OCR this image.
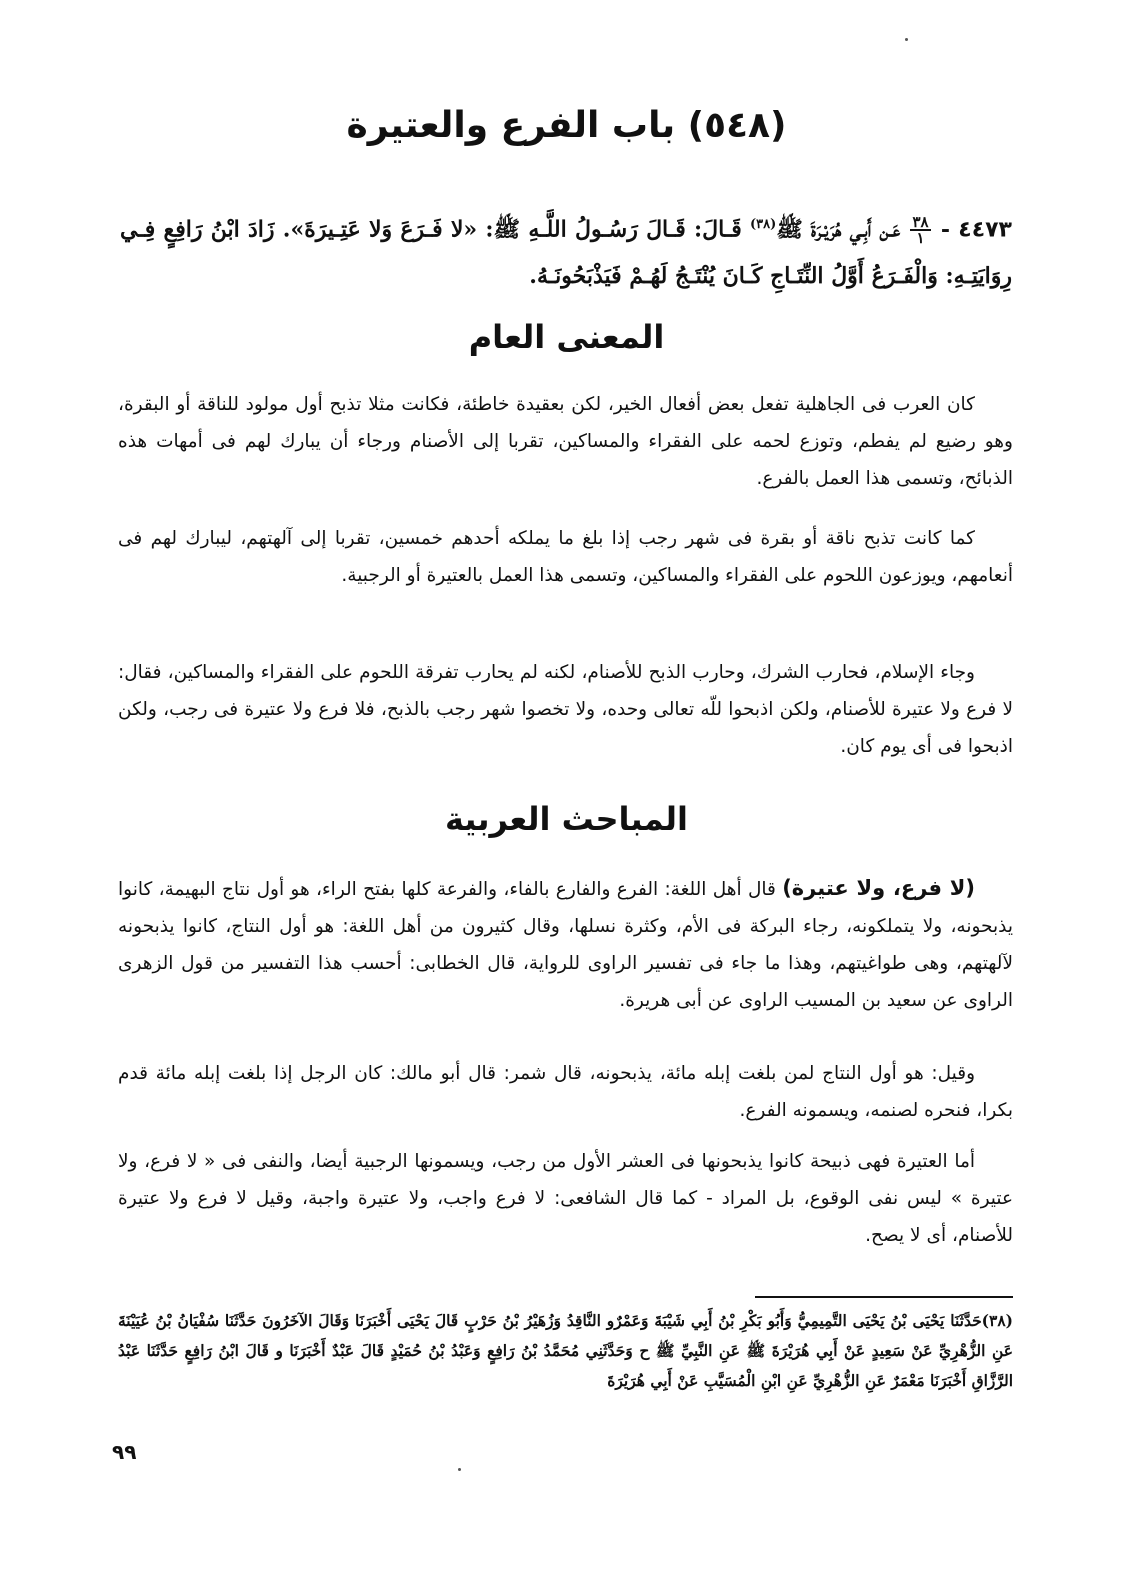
(٥٤٨) باب الفرع والعتيرة
٤٤٧٣ -
$\frac{٣٨}{١}$
عَـن أَبِـي هُرَيْـرَةَ ﷺ$^{(٣٨)}$ قَـالَ: قَـالَ رَسُـولُ اللَّـهِ ﷺ: «لا فَـرَعَ وَلا عَتِـيرَةَ». زَادَ ابْنُ رَافِعٍ فِـي رِوَايَتِـهِ: وَالْفَـرَعُ أَوَّلُ النِّتَـاجِ كَـانَ يُنْتَـجُ لَهُـمْ فَيَذْبَحُونَـهُ.
المعنى العام
كان العرب فى الجاهلية تفعل بعض أفعال الخير، لكن بعقيدة خاطئة، فكانت مثلا تذبح أول مولود للناقة أو البقرة، وهو رضيع لم يفطم، وتوزع لحمه على الفقراء والمساكين، تقربا إلى الأصنام ورجاء أن يبارك لهم فى أمهات هذه الذبائح، وتسمى هذا العمل بالفرع.
كما كانت تذبح ناقة أو بقرة فى شهر رجب إذا بلغ ما يملكه أحدهم خمسين، تقربا إلى آلهتهم، ليبارك لهم فى أنعامهم، ويوزعون اللحوم على الفقراء والمساكين، وتسمى هذا العمل بالعتيرة أو الرجبية.
وجاء الإسلام، فحارب الشرك، وحارب الذبح للأصنام، لكنه لم يحارب تفرقة اللحوم على الفقراء والمساكين، فقال: لا فرع ولا عتيرة للأصنام، ولكن اذبحوا للّه تعالى وحده، ولا تخصوا شهر رجب بالذبح، فلا فرع ولا عتيرة فى رجب، ولكن اذبحوا فى أى يوم كان.
المباحث العربية
(لا فرع، ولا عتيرة) قال أهل اللغة: الفرع والفارع بالفاء، والفرعة كلها بفتح الراء، هو أول نتاج البهيمة، كانوا يذبحونه، ولا يتملكونه، رجاء البركة فى الأم، وكثرة نسلها، وقال كثيرون من أهل اللغة: هو أول النتاج، كانوا يذبحونه لآلهتهم، وهى طواغيتهم، وهذا ما جاء فى تفسير الراوى للرواية، قال الخطابى: أحسب هذا التفسير من قول الزهرى الراوى عن سعيد بن المسيب الراوى عن أبى هريرة.
وقيل: هو أول النتاج لمن بلغت إبله مائة، يذبحونه، قال شمر: قال أبو مالك: كان الرجل إذا بلغت إبله مائة قدم بكرا، فنحره لصنمه، ويسمونه الفرع.
أما العتيرة فهى ذبيحة كانوا يذبحونها فى العشر الأول من رجب، ويسمونها الرجبية أيضا، والنفى فى « لا فرع، ولا عتيرة » ليس نفى الوقوع، بل المراد - كما قال الشافعى: لا فرع واجب، ولا عتيرة واجبة، وقيل لا فرع ولا عتيرة للأصنام، أى لا يصح.
(٣٨)حَدَّثَنَا يَحْيَى بْنُ يَحْيَى التَّمِيمِيُّ وَأَبُو بَكْرِ بْنُ أَبِي شَيْبَةَ وَعَمْرٌو النَّاقِدُ وَزُهَيْرُ بْنُ حَرْبٍ قَالَ يَحْيَى أَخْبَرَنَا وَقَالَ الآخَرُونَ حَدَّثَنَا سُفْيَانُ بْنُ عُيَيْنَةَ عَنِ الزُّهْرِيِّ عَنْ سَعِيدٍ عَنْ أَبِي هُرَيْرَةَ ﷺ عَنِ النَّبِيِّ ﷺ ح وَحَدَّثَنِي مُحَمَّدُ بْنُ رَافِعٍ وَعَبْدُ بْنُ حُمَيْدٍ قَالَ عَبْدٌ أَخْبَرَنَا و قَالَ ابْنُ رَافِعٍ حَدَّثَنَا عَبْدُ الرَّزَّاقِ أَخْبَرَنَا مَعْمَرٌ عَنِ الزُّهْرِيِّ عَنِ ابْنِ الْمُسَيَّبِ عَنْ أَبِي هُرَيْرَةَ
٩٩
